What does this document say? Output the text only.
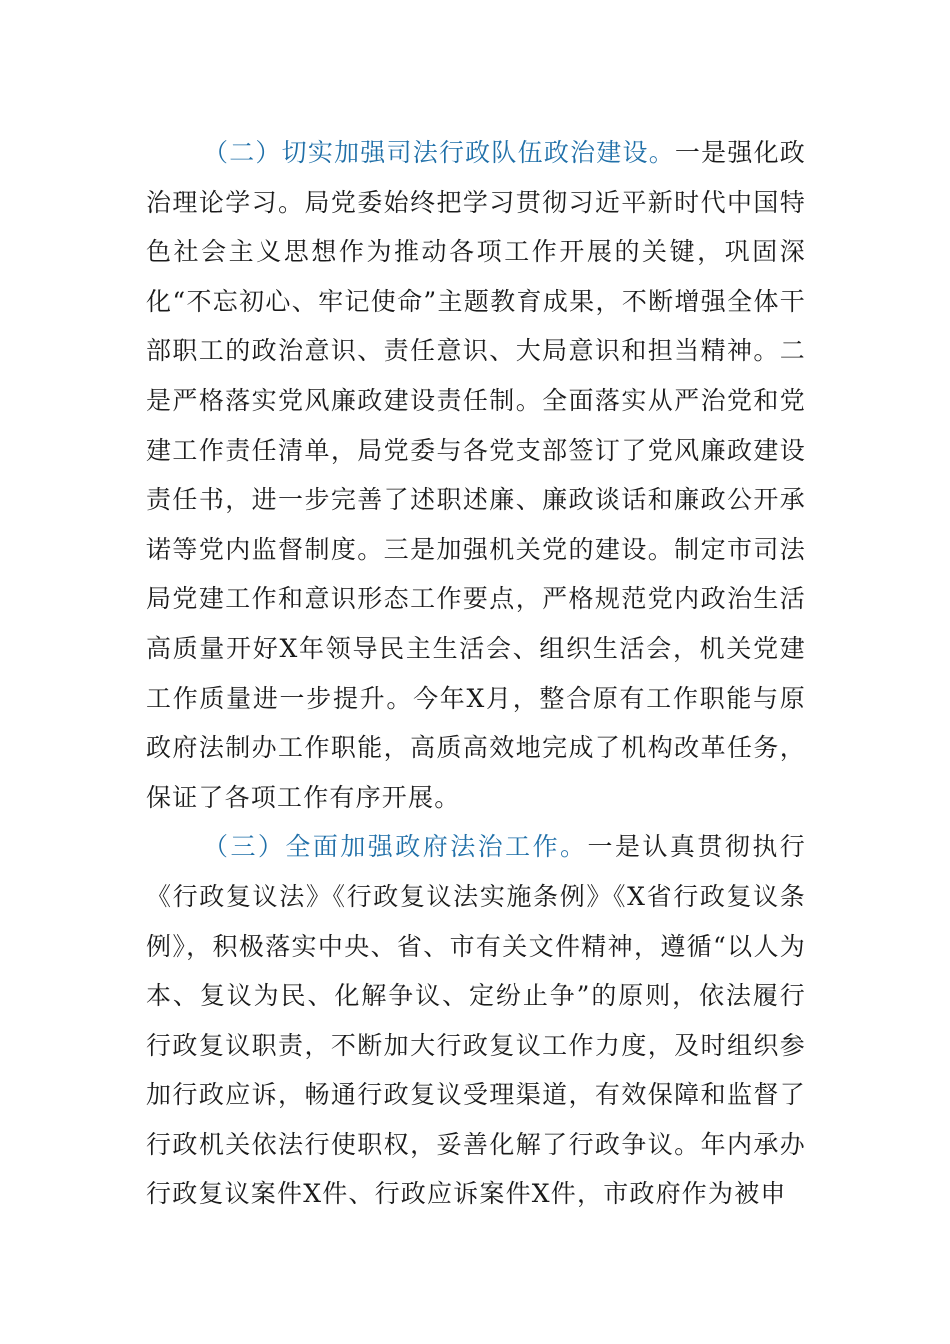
（二）切实加强司法行政队伍政治建设。一是强化政治理论学习。局党委始终把学习贯彻习近平新时代中国特色社会主义思想作为推动各项工作开展的关键，巩固深化“不忘初心、牢记使命”主题教育成果，不断增强全体干部职工的政治意识、责任意识、大局意识和担当精神。二是严格落实党风廉政建设责任制。全面落实从严治党和党建工作责任清单，局党委与各党支部签订了党风廉政建设责任书，进一步完善了述职述廉、廉政谈话和廉政公开承诺等党内监督制度。三是加强机关党的建设。制定市司法局党建工作和意识形态工作要点，严格规范党内政治生活高质量开好X年领导民主生活会、组织生活会，机关党建工作质量进一步提升。今年X月，整合原有工作职能与原政府法制办工作职能，高质高效地完成了机构改革任务，保证了各项工作有序开展。

（三）全面加强政府法治工作。一是认真贯彻执行《行政复议法》《行政复议法实施条例》《X省行政复议条例》，积极落实中央、省、市有关文件精神，遵循“以人为本、复议为民、化解争议、定纷止争”的原则，依法履行行政复议职责，不断加大行政复议工作力度，及时组织参加行政应诉，畅通行政复议受理渠道，有效保障和监督了行政机关依法行使职权，妥善化解了行政争议。年内承办行政复议案件X件、行政应诉案件X件，市政府作为被申
